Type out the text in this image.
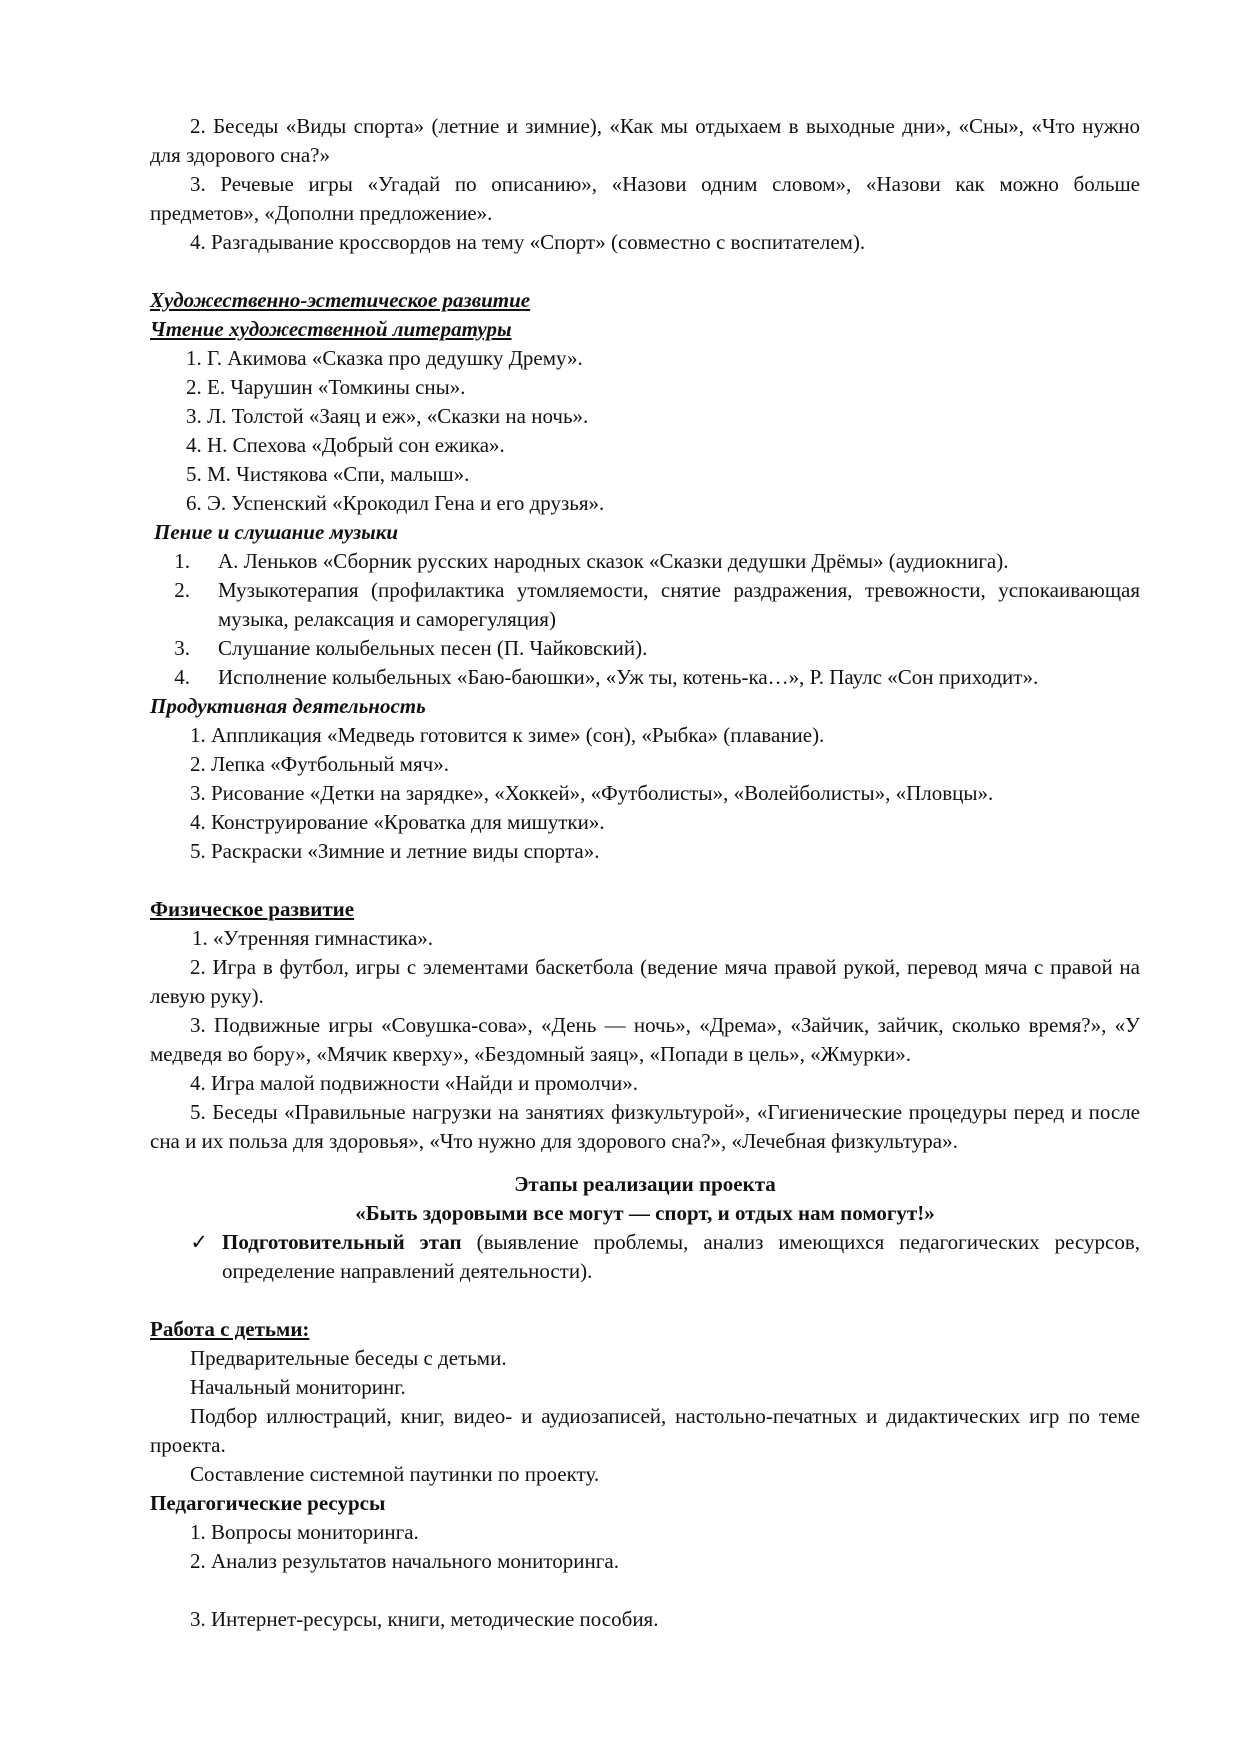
2. Беседы «Виды спорта» (летние и зимние), «Как мы отдыхаем в выходные дни», «Сны», «Что нужно для здорового сна?»

3. Речевые игры «Угадай по описанию», «Назови одним словом», «Назови как можно больше предметов», «Дополни предложение».

4. Разгадывание кроссвордов на тему «Спорт» (совместно с воспитателем).

Художественно-эстетическое развитие

Чтение художественной литературы

1. Г. Акимова «Сказка про дедушку Дрему».

2. Е. Чарушин «Томкины сны».

3. Л. Толстой «Заяц и еж», «Сказки на ночь».

4. Н. Спехова «Добрый сон ежика».

5. М. Чистякова «Спи, малыш».

6. Э. Успенский «Крокодил Гена и его друзья».

Пение и слушание музыки

1.	А. Леньков «Сборник русских народных сказок «Сказки дедушки Дрёмы» (аудиокнига).
2.	Музыкотерапия (профилактика утомляемости, снятие раздражения, тревожности, успокаивающая музыка, релаксация и саморегуляция)
3.	Слушание колыбельных песен (П. Чайковский).
4.	Исполнение колыбельных «Баю-баюшки», «Уж ты, котень-ка…», Р. Паулс «Сон приходит».

Продуктивная деятельность

1. Аппликация «Медведь готовится к зиме» (сон), «Рыбка» (плавание).

2. Лепка «Футбольный мяч».

3. Рисование «Детки на зарядке», «Хоккей», «Футболисты», «Волейболисты», «Пловцы».

4. Конструирование «Кроватка для мишутки».

5. Раскраски «Зимние и летние виды спорта».

Физическое развитие

1. «Утренняя гимнастика».

2. Игра в футбол, игры с элементами баскетбола (ведение мяча правой рукой, перевод мяча с правой на левую руку).

3. Подвижные игры «Совушка-сова», «День — ночь», «Дрема», «Зайчик, зайчик, сколько время?», «У медведя во бору», «Мячик кверху», «Бездомный заяц», «Попади в цель», «Жмурки».

4. Игра малой подвижности «Найди и промолчи».

5. Беседы «Правильные нагрузки на занятиях физкультурой», «Гигиенические процедуры перед и после сна и их польза для здоровья», «Что нужно для здорового сна?», «Лечебная физкультура».

Этапы реализации проекта

«Быть здоровыми все могут — спорт, и отдых нам помогут!»

✓ Подготовительный этап (выявление проблемы, анализ имеющихся педагогических ресурсов, определение направлений деятельности).

Работа с детьми:

Предварительные беседы с детьми.

Начальный мониторинг.

Подбор иллюстраций, книг, видео- и аудиозаписей, настольно-печатных и дидактических игр по теме проекта.

Составление системной паутинки по проекту.

Педагогические ресурсы

1. Вопросы мониторинга.

2. Анализ результатов начального мониторинга.

3. Интернет-ресурсы, книги, методические пособия.
